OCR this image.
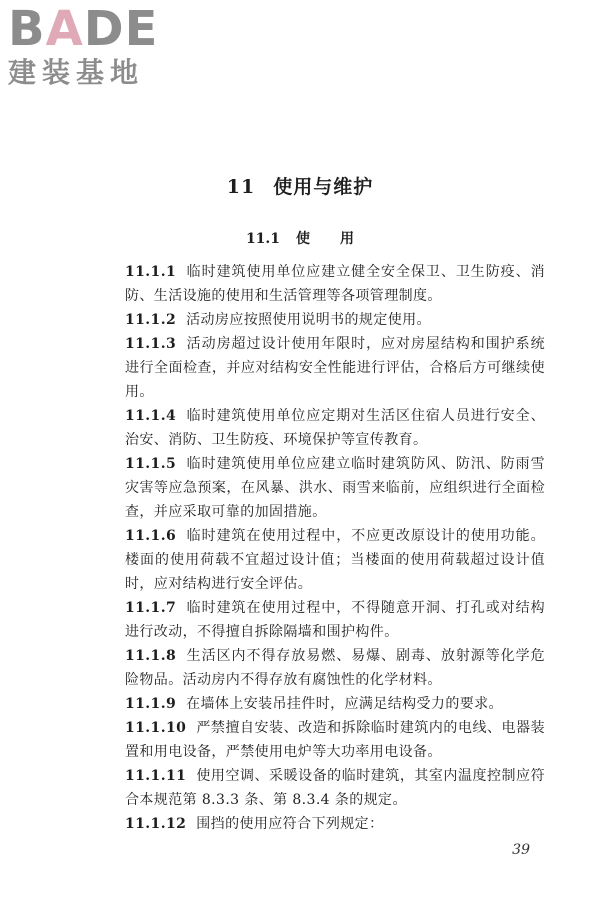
BADE
建装基地
11 使用与维护
11.1 使用

11.1.1 临时建筑使用单位应建立健全安全保卫、卫生防疫、消防、生活设施的使用和生活管理等各项管理制度。

11.1.2 活动房应按照使用说明书的规定使用。

11.1.3 活动房超过设计使用年限时，应对房屋结构和围护系统进行全面检查，并应对结构安全性能进行评估，合格后方可继续使用。

11.1.4 临时建筑使用单位应定期对生活区住宿人员进行安全、治安、消防、卫生防疫、环境保护等宣传教育。

11.1.5 临时建筑使用单位应建立临时建筑防风、防汛、防雨雪灾害等应急预案，在风暴、洪水、雨雪来临前，应组织进行全面检查，并应采取可靠的加固措施。

11.1.6 临时建筑在使用过程中，不应更改原设计的使用功能。楼面的使用荷载不宜超过设计值；当楼面的使用荷载超过设计值时，应对结构进行安全评估。

11.1.7 临时建筑在使用过程中，不得随意开洞、打孔或对结构进行改动，不得擅自拆除隔墙和围护构件。

11.1.8 生活区内不得存放易燃、易爆、剧毒、放射源等化学危险物品。活动房内不得存放有腐蚀性的化学材料。

11.1.9 在墙体上安装吊挂件时，应满足结构受力的要求。

11.1.10 严禁擅自安装、改造和拆除临时建筑内的电线、电器装置和用电设备，严禁使用电炉等大功率用电设备。

11.1.11 使用空调、采暖设备的临时建筑，其室内温度控制应符合本规范第 8.3.3 条、第 8.3.4 条的规定。

11.1.12 围挡的使用应符合下列规定：

39
